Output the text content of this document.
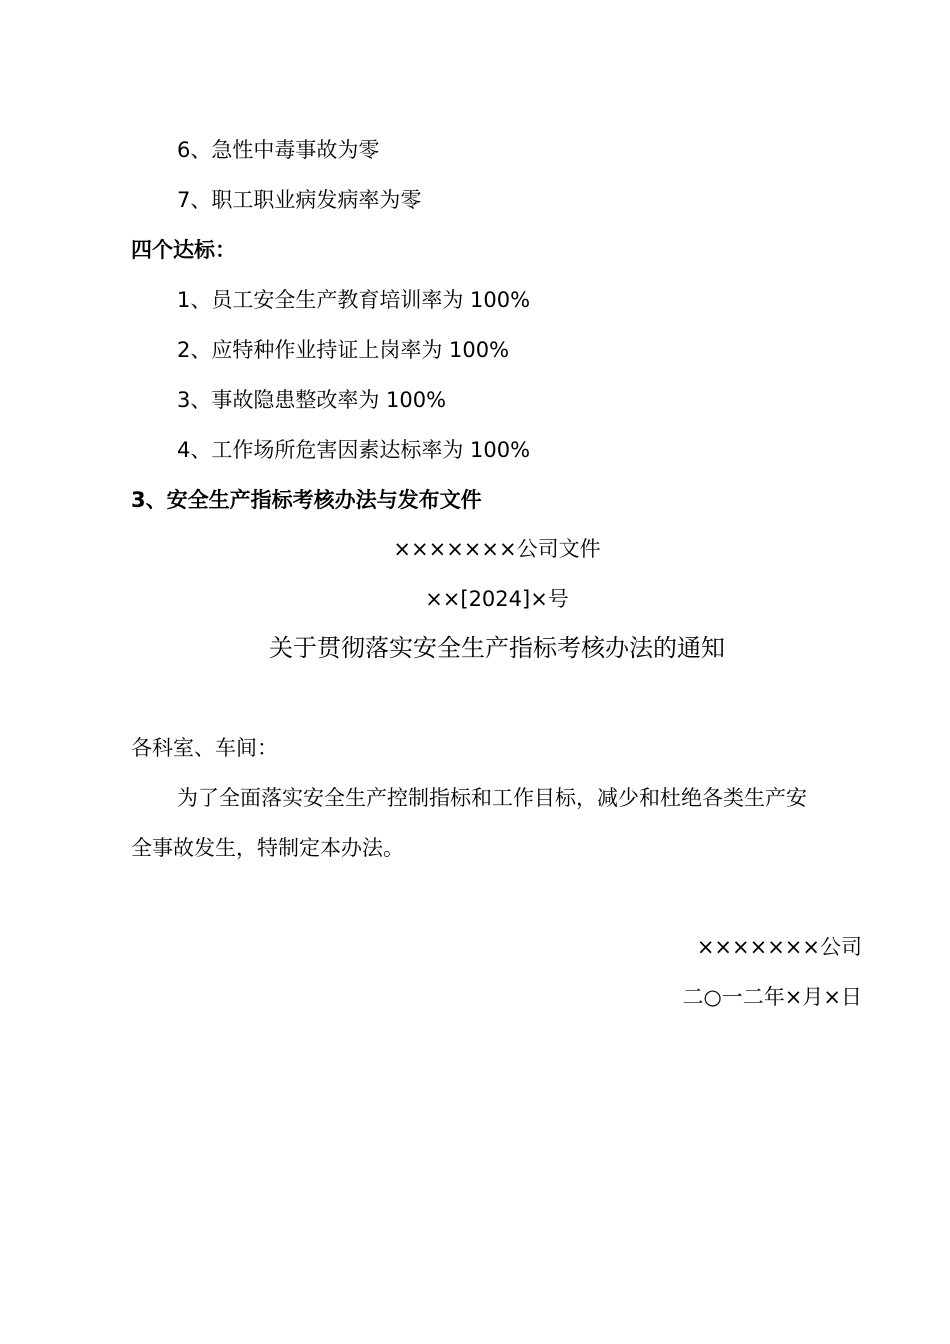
6、急性中毒事故为零
7、职工职业病发病率为零
四个达标：
1、员工安全生产教育培训率为 100%
2、应特种作业持证上岗率为 100%
3、事故隐患整改率为 100%
4、工作场所危害因素达标率为 100%
3、安全生产指标考核办法与发布文件
×××××××公司文件
××[2024]×号
关于贯彻落实安全生产指标考核办法的通知
各科室、车间：
为了全面落实安全生产控制指标和工作目标，减少和杜绝各类生产安
全事故发生，特制定本办法。
×××××××公司
二○一二年×月×日
